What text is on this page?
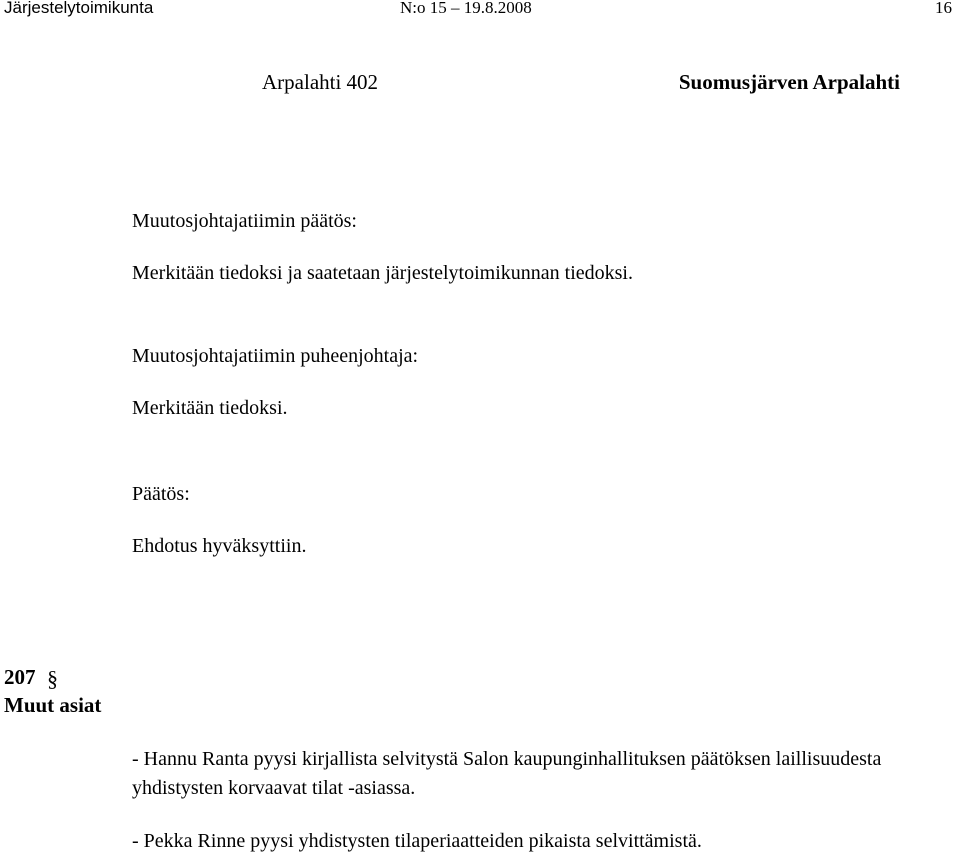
Järjestelytoimikunta	N:o 15 – 19.8.2008	16
Arpalahti 402	Suomusjärven Arpalahti
Muutosjohtajatiimin päätös:
Merkitään tiedoksi ja saatetaan järjestelytoimikunnan tiedoksi.
Muutosjohtajatiimin puheenjohtaja:
Merkitään tiedoksi.
Päätös:
Ehdotus hyväksyttiin.
207 §
Muut asiat
- Hannu Ranta pyysi kirjallista selvitystä Salon kaupunginhallituksen päätöksen laillisuudesta yhdistysten korvaavat tilat -asiassa.
- Pekka Rinne pyysi yhdistysten tilaperiaatteiden pikaista selvittämistä.
